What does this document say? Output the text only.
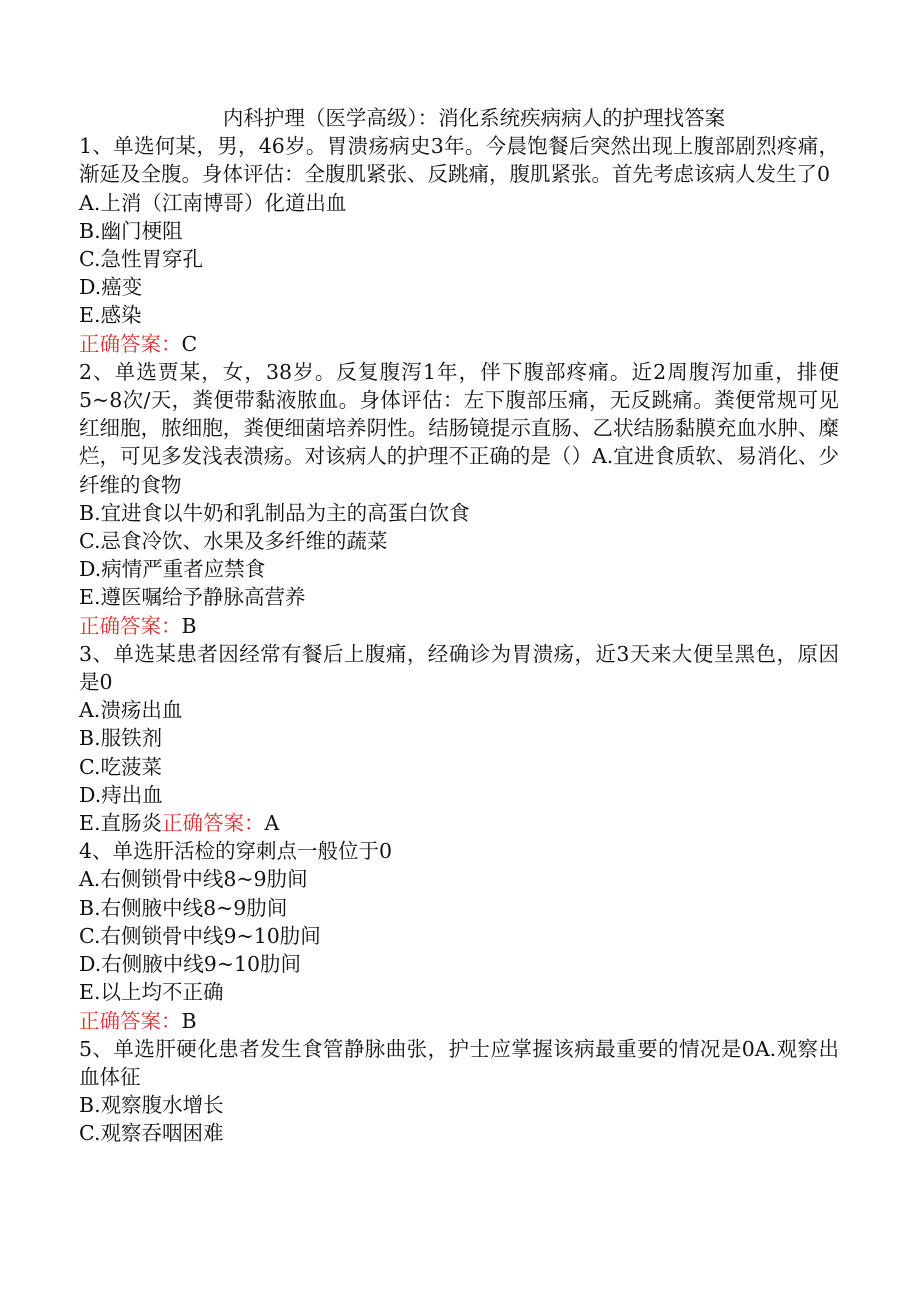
内科护理（医学高级）：消化系统疾病病人的护理找答案

1、单选何某，男，46岁。胃溃疡病史3年。今晨饱餐后突然出现上腹部剧烈疼痛，渐延及全腹。身体评估：全腹肌紧张、反跳痛，腹肌紧张。首先考虑该病人发生了0

A.上消（江南博哥）化道出血

B.幽门梗阻

C.急性胃穿孔

D.癌变

E.感染

正确答案：C

2、单选贾某，女，38岁。反复腹泻1年，伴下腹部疼痛。近2周腹泻加重，排便5~8次/天，粪便带黏液脓血。身体评估：左下腹部压痛，无反跳痛。粪便常规可见红细胞，脓细胞，粪便细菌培养阴性。结肠镜提示直肠、乙状结肠黏膜充血水肿、糜烂，可见多发浅表溃疡。对该病人的护理不正确的是（）A.宜进食质软、易消化、少纤维的食物

B.宜进食以牛奶和乳制品为主的高蛋白饮食

C.忌食冷饮、水果及多纤维的蔬菜

D.病情严重者应禁食

E.遵医嘱给予静脉高营养

正确答案：B

3、单选某患者因经常有餐后上腹痛，经确诊为胃溃疡，近3天来大便呈黑色，原因是0

A.溃疡出血

B.服铁剂

C.吃菠菜

D.痔出血

E.直肠炎正确答案：A

4、单选肝活检的穿刺点一般位于0

A.右侧锁骨中线8~9肋间

B.右侧腋中线8~9肋间

C.右侧锁骨中线9~10肋间

D.右侧腋中线9~10肋间

E.以上均不正确

正确答案：B

5、单选肝硬化患者发生食管静脉曲张，护士应掌握该病最重要的情况是0A.观察出血体征

B.观察腹水增长

C.观察吞咽困难
